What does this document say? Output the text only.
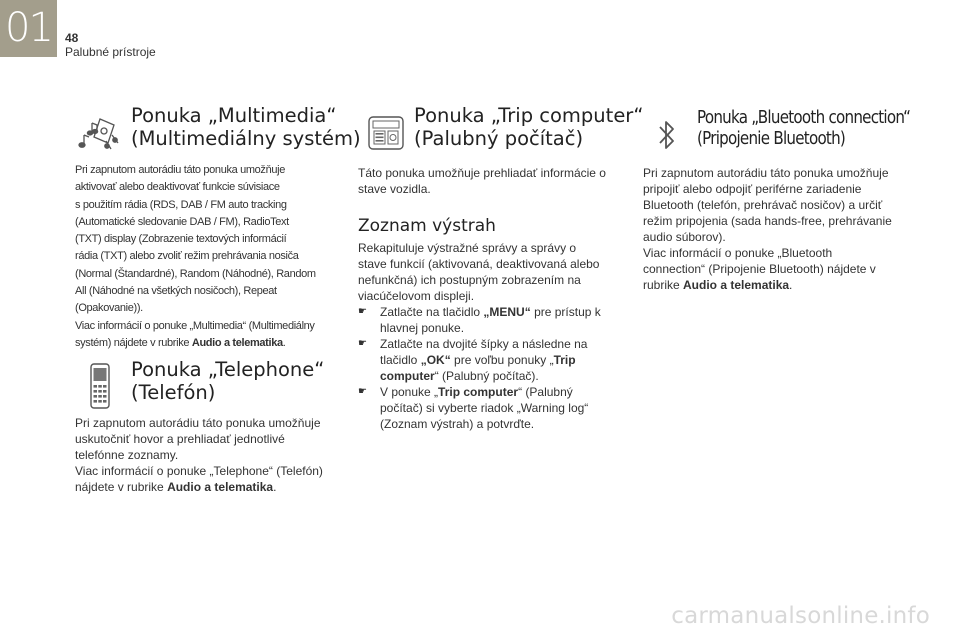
01	48
Palubné prístroje
Ponuka „Multimedia“
(Multimediálny systém)

Pri zapnutom autorádiu táto ponuka umožňuje

aktivovať alebo deaktivovať funkcie súvisiace

s použitím rádia (RDS, DAB / FM auto tracking

(Automatické sledovanie DAB / FM), RadioText

(TXT) display (Zobrazenie textových informácií

rádia (TXT) alebo zvoliť režim prehrávania nosiča

(Normal (Štandardné), Random (Náhodné), Random

All (Náhodné na všetkých nosičoch), Repeat

(Opakovanie)).

Viac informácií o ponuke „Multimedia“ (Multimediálny

systém) nájdete v rubrike Audio a telematika.

Ponuka „Telephone“
(Telefón)

Pri zapnutom autorádiu táto ponuka umožňuje

uskutočniť hovor a prehliadať jednotlivé

telefónne zoznamy.

Viac informácií o ponuke „Telephone“ (Telefón)

nájdete v rubrike Audio a telematika.

Ponuka „Trip computer“
(Palubný počítač)

Táto ponuka umožňuje prehliadať informácie o

stave vozidla.

Zoznam výstrah

Rekapituluje výstražné správy a správy o

stave funkcií (aktivovaná, deaktivovaná alebo

nefunkčná) ich postupným zobrazením na

viacúčelovom displeji.

☛	Zatlačte na tlačidlo „MENU“ pre prístup k
hlavnej ponuke.
☛	Zatlačte na dvojité šípky a následne na
tlačidlo „OK“ pre voľbu ponuky „Trip
computer“ (Palubný počítač).
☛	V ponuke „Trip computer“ (Palubný
počítač) si vyberte riadok „Warning log“
(Zoznam výstrah) a potvrďte.
Ponuka „Bluetooth connection“
(Pripojenie Bluetooth)

Pri zapnutom autorádiu táto ponuka umožňuje

pripojiť alebo odpojiť periférne zariadenie

Bluetooth (telefón, prehrávač nosičov) a určiť

režim pripojenia (sada hands-free, prehrávanie

audio súborov).

Viac informácií o ponuke „Bluetooth

connection“ (Pripojenie Bluetooth) nájdete v

rubrike Audio a telematika.

carmanualsonline.info
